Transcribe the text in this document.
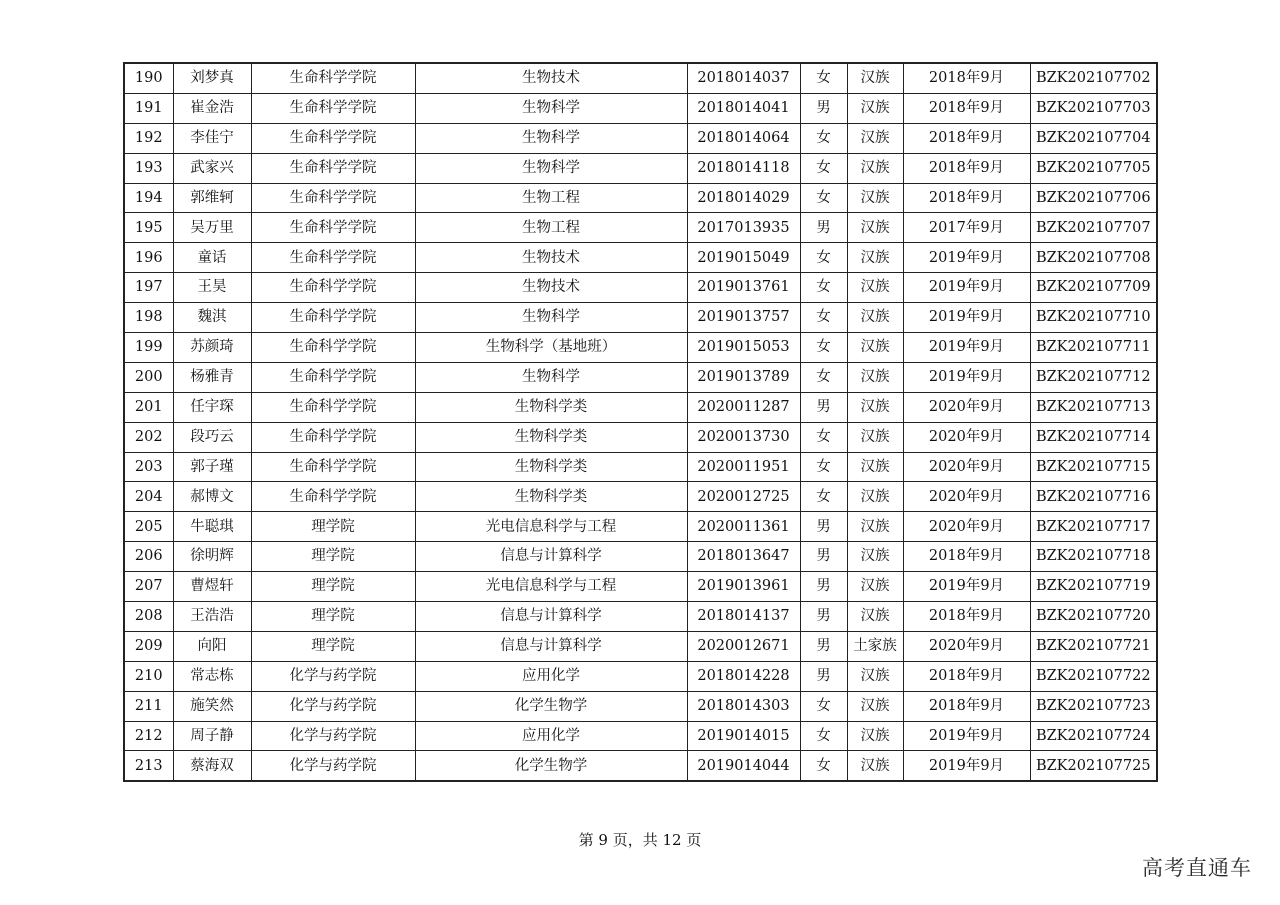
190	刘梦真	生命科学学院	生物技术	2018014037	女	汉族	2018年9月	BZK202107702
191	崔金浩	生命科学学院	生物科学	2018014041	男	汉族	2018年9月	BZK202107703
192	李佳宁	生命科学学院	生物科学	2018014064	女	汉族	2018年9月	BZK202107704
193	武家兴	生命科学学院	生物科学	2018014118	女	汉族	2018年9月	BZK202107705
194	郭维轲	生命科学学院	生物工程	2018014029	女	汉族	2018年9月	BZK202107706
195	吴万里	生命科学学院	生物工程	2017013935	男	汉族	2017年9月	BZK202107707
196	童话	生命科学学院	生物技术	2019015049	女	汉族	2019年9月	BZK202107708
197	王昊	生命科学学院	生物技术	2019013761	女	汉族	2019年9月	BZK202107709
198	魏淇	生命科学学院	生物科学	2019013757	女	汉族	2019年9月	BZK202107710
199	苏颜琦	生命科学学院	生物科学（基地班）	2019015053	女	汉族	2019年9月	BZK202107711
200	杨雅青	生命科学学院	生物科学	2019013789	女	汉族	2019年9月	BZK202107712
201	任宇琛	生命科学学院	生物科学类	2020011287	男	汉族	2020年9月	BZK202107713
202	段巧云	生命科学学院	生物科学类	2020013730	女	汉族	2020年9月	BZK202107714
203	郭子瑾	生命科学学院	生物科学类	2020011951	女	汉族	2020年9月	BZK202107715
204	郝博文	生命科学学院	生物科学类	2020012725	女	汉族	2020年9月	BZK202107716
205	牛聪琪	理学院	光电信息科学与工程	2020011361	男	汉族	2020年9月	BZK202107717
206	徐明辉	理学院	信息与计算科学	2018013647	男	汉族	2018年9月	BZK202107718
207	曹煜轩	理学院	光电信息科学与工程	2019013961	男	汉族	2019年9月	BZK202107719
208	王浩浩	理学院	信息与计算科学	2018014137	男	汉族	2018年9月	BZK202107720
209	向阳	理学院	信息与计算科学	2020012671	男	土家族	2020年9月	BZK202107721
210	常志栋	化学与药学院	应用化学	2018014228	男	汉族	2018年9月	BZK202107722
211	施笑然	化学与药学院	化学生物学	2018014303	女	汉族	2018年9月	BZK202107723
212	周子静	化学与药学院	应用化学	2019014015	女	汉族	2019年9月	BZK202107724
213	蔡海双	化学与药学院	化学生物学	2019014044	女	汉族	2019年9月	BZK202107725
第 9 页，共 12 页
高考直通车
